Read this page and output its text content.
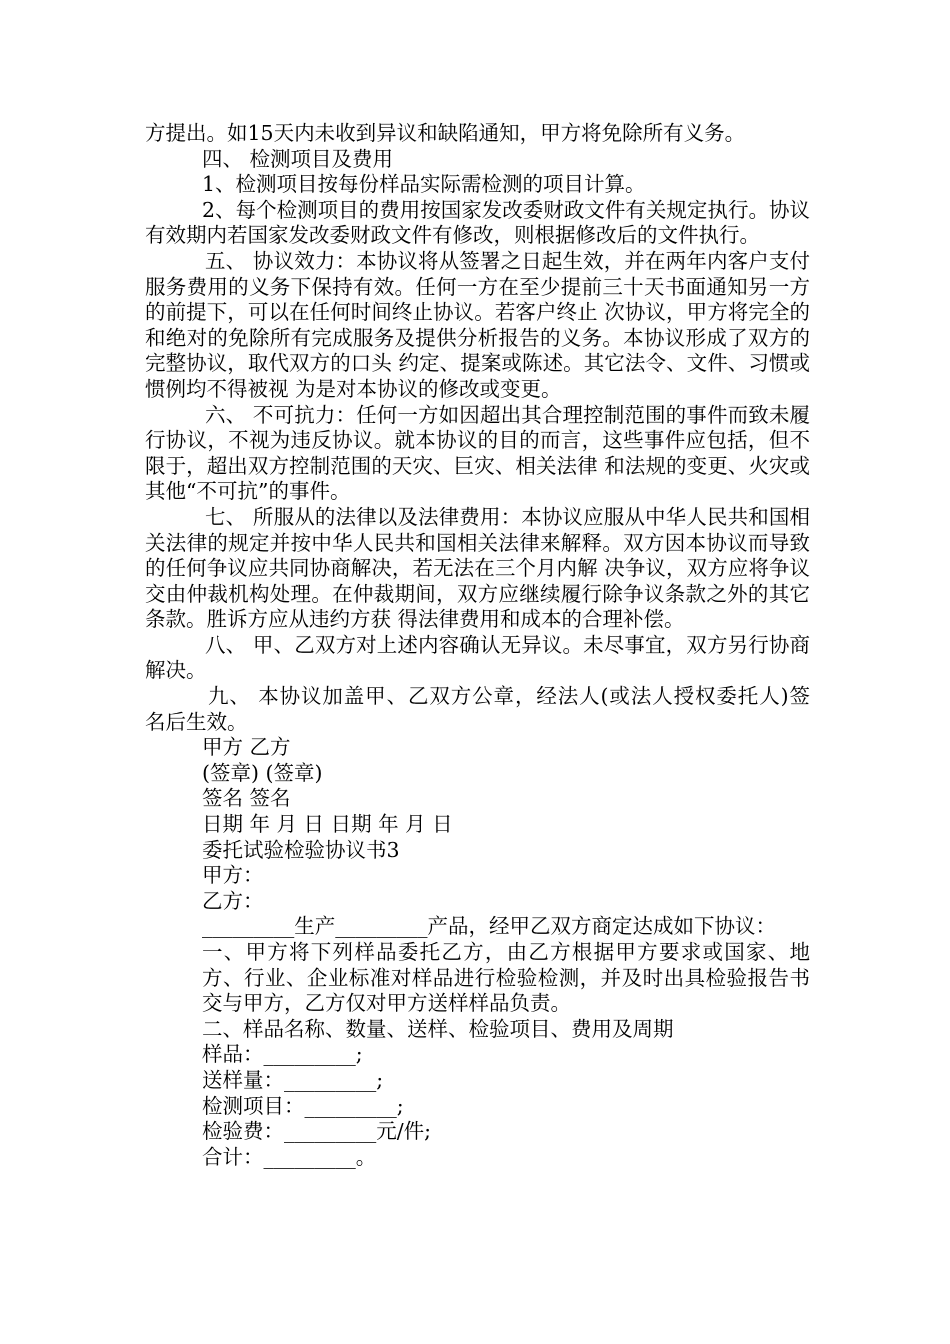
方提出。如15天内未收到异议和缺陷通知，甲方将免除所有义务。

四、 检测项目及费用

1、检测项目按每份样品实际需检测的项目计算。

2、每个检测项目的费用按国家发改委财政文件有关规定执行。协议有效期内若国家发改委财政文件有修改，则根据修改后的文件执行。

五、 协议效力：本协议将从签署之日起生效，并在两年内客户支付 服务费用的义务下保持有效。任何一方在至少提前三十天书面通知另一方的前提下，可以在任何时间终止协议。若客户终止 次协议，甲方将完全的和绝对的免除所有完成服务及提供分析报告的义务。本协议形成了双方的完整协议，取代双方的口头 约定、提案或陈述。其它法令、文件、习惯或惯例均不得被视 为是对本协议的修改或变更。

六、 不可抗力：任何一方如因超出其合理控制范围的事件而致未履 行协议，不视为违反协议。就本协议的目的而言，这些事件应包括，但不限于，超出双方控制范围的天灾、巨灾、相关法律 和法规的变更、火灾或其他“不可抗”的事件。

七、 所服从的法律以及法律费用：本协议应服从中华人民共和国相 关法律的规定并按中华人民共和国相关法律来解释。双方因本协议而导致的任何争议应共同协商解决，若无法在三个月内解 决争议，双方应将争议交由仲裁机构处理。在仲裁期间，双方应继续履行除争议条款之外的其它条款。胜诉方应从违约方获 得法律费用和成本的合理补偿。

八、 甲、乙双方对上述内容确认无异议。未尽事宜，双方另行协商 解决。

九、 本协议加盖甲、乙双方公章，经法人(或法人授权委托人)签 名后生效。

甲方 乙方

(签章) (签章)

签名 签名

日期 年 月 日 日期 年 月 日

委托试验检验协议书3

甲方：

乙方：

_________生产_________产品，经甲乙双方商定达成如下协议：

一、甲方将下列样品委托乙方，由乙方根据甲方要求或国家、地方、行业、企业标准对样品进行检验检测，并及时出具检验报告书交与甲方，乙方仅对甲方送样样品负责。

二、样品名称、数量、送样、检验项目、费用及周期

样品：_________;

送样量：_________;

检测项目：_________;

检验费：_________元/件;

合计：_________。
